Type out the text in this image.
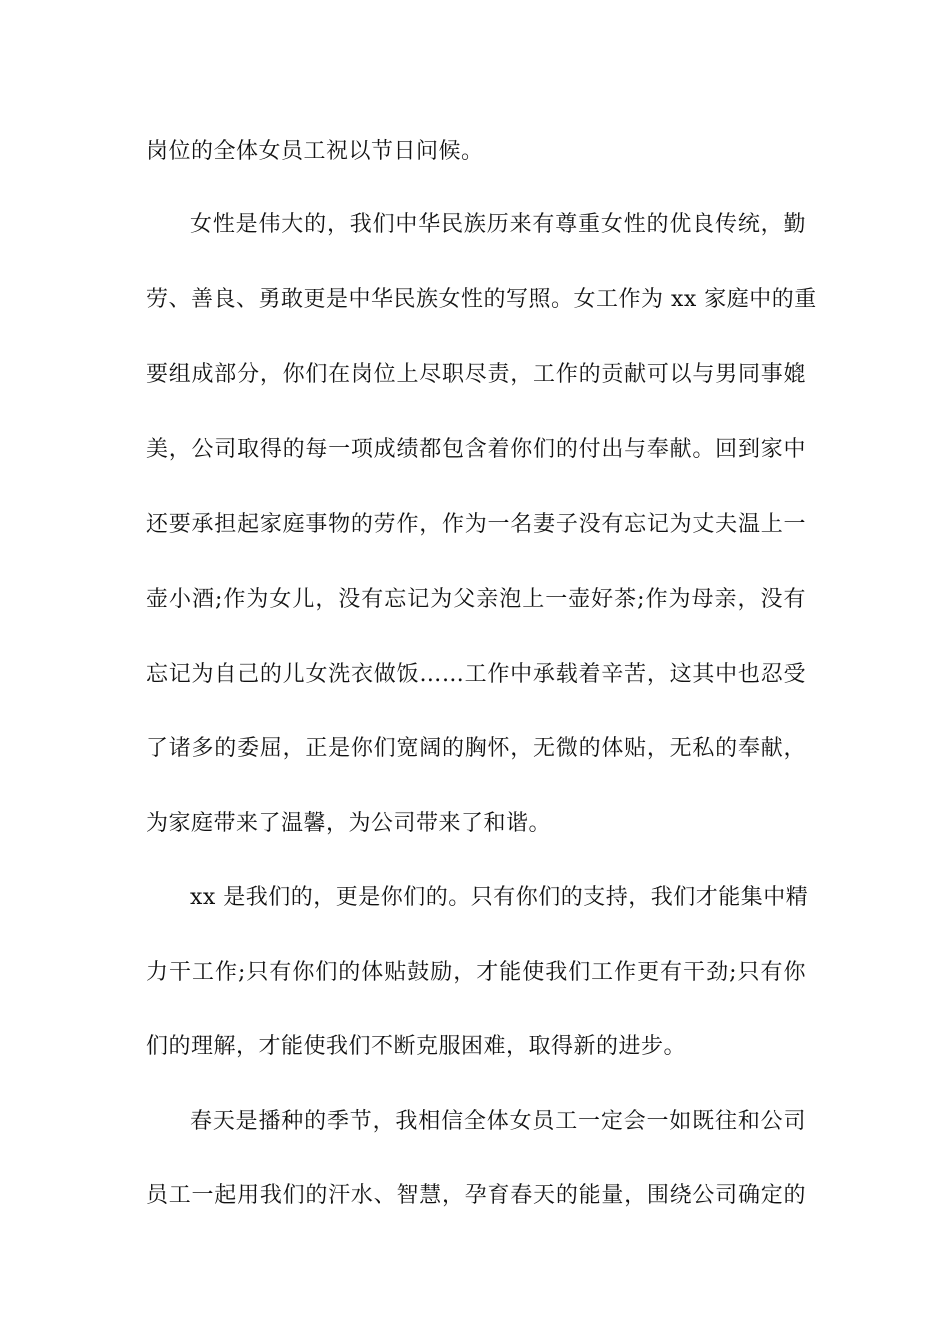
岗位的全体女员工祝以节日问候。
女性是伟大的，我们中华民族历来有尊重女性的优良传统，勤
劳、善良、勇敢更是中华民族女性的写照。女工作为 xx 家庭中的重
要组成部分，你们在岗位上尽职尽责，工作的贡献可以与男同事媲
美，公司取得的每一项成绩都包含着你们的付出与奉献。回到家中
还要承担起家庭事物的劳作，作为一名妻子没有忘记为丈夫温上一
壶小酒;作为女儿，没有忘记为父亲泡上一壶好茶;作为母亲，没有
忘记为自己的儿女洗衣做饭……工作中承载着辛苦，这其中也忍受
了诸多的委屈，正是你们宽阔的胸怀，无微的体贴，无私的奉献，
为家庭带来了温馨，为公司带来了和谐。
xx 是我们的，更是你们的。只有你们的支持，我们才能集中精
力干工作;只有你们的体贴鼓励，才能使我们工作更有干劲;只有你
们的理解，才能使我们不断克服困难，取得新的进步。
春天是播种的季节，我相信全体女员工一定会一如既往和公司
员工一起用我们的汗水、智慧，孕育春天的能量，围绕公司确定的
